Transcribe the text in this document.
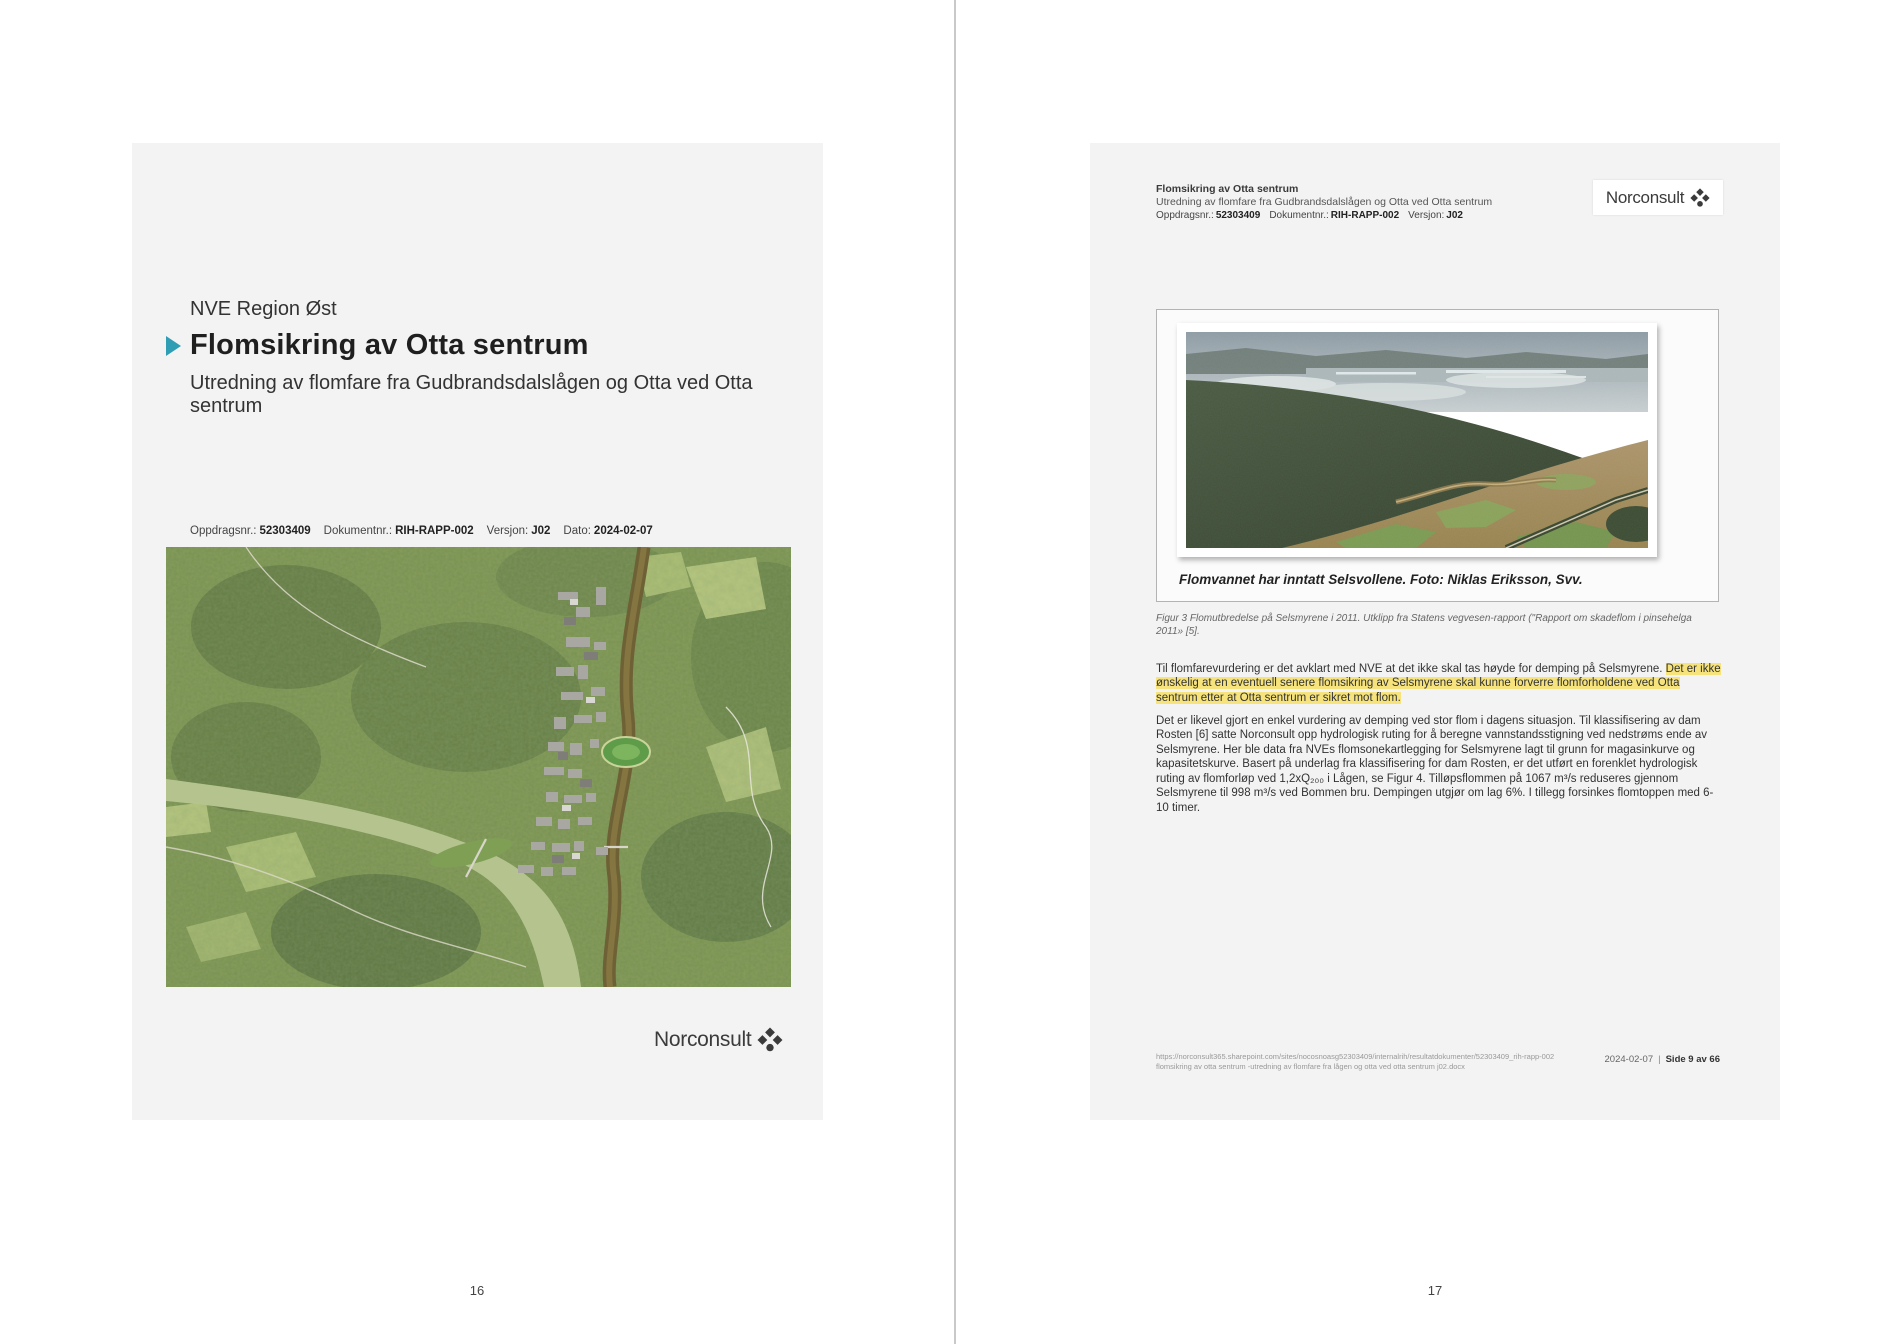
NVE Region Øst
Flomsikring av Otta sentrum
Utredning av flomfare fra Gudbrandsdalslågen og Otta ved Otta sentrum
Oppdragsnr.: 52303409 Dokumentnr.: RIH-RAPP-002 Versjon: J02 Dato: 2024-02-07
Norconsult
Flomsikring av Otta sentrum
Utredning av flomfare fra Gudbrandsdalslågen og Otta ved Otta sentrum
Oppdragsnr.: 52303409 Dokumentnr.: RIH-RAPP-002 Versjon: J02
Norconsult
Flomvannet har inntatt Selsvollene. Foto: Niklas Eriksson, Svv.
Figur 3 Flomutbredelse på Selsmyrene i 2011. Utklipp fra Statens vegvesen-rapport ("Rapport om skadeflom i pinsehelga 2011» [5].

Til flomfarevurdering er det avklart med NVE at det ikke skal tas høyde for demping på Selsmyrene. Det er ikke ønskelig at en eventuell senere flomsikring av Selsmyrene skal kunne forverre flomforholdene ved Otta sentrum etter at Otta sentrum er sikret mot flom.

Det er likevel gjort en enkel vurdering av demping ved stor flom i dagens situasjon. Til klassifisering av dam Rosten [6] satte Norconsult opp hydrologisk ruting for å beregne vannstandsstigning ved nedstrøms ende av Selsmyrene. Her ble data fra NVEs flomsonekartlegging for Selsmyrene lagt til grunn for magasinkurve og kapasitetskurve. Basert på underlag fra klassifisering for dam Rosten, er det utført en forenklet hydrologisk ruting av flomforløp ved 1,2xQ₂₀₀ i Lågen, se Figur 4. Tilløpsflommen på 1067 m³/s reduseres gjennom Selsmyrene til 998 m³/s ved Bommen bru. Dempingen utgjør om lag 6%. I tillegg forsinkes flomtoppen med 6-10 timer.

https://norconsult365.sharepoint.com/sites/nocosnoasg52303409/internalrih/resultatdokumenter/52303409_rih-rapp-002 flomsikring av otta sentrum -utredning av flomfare fra lågen og otta ved otta sentrum j02.docx
2024-02-07 | Side 9 av 66
16	17
